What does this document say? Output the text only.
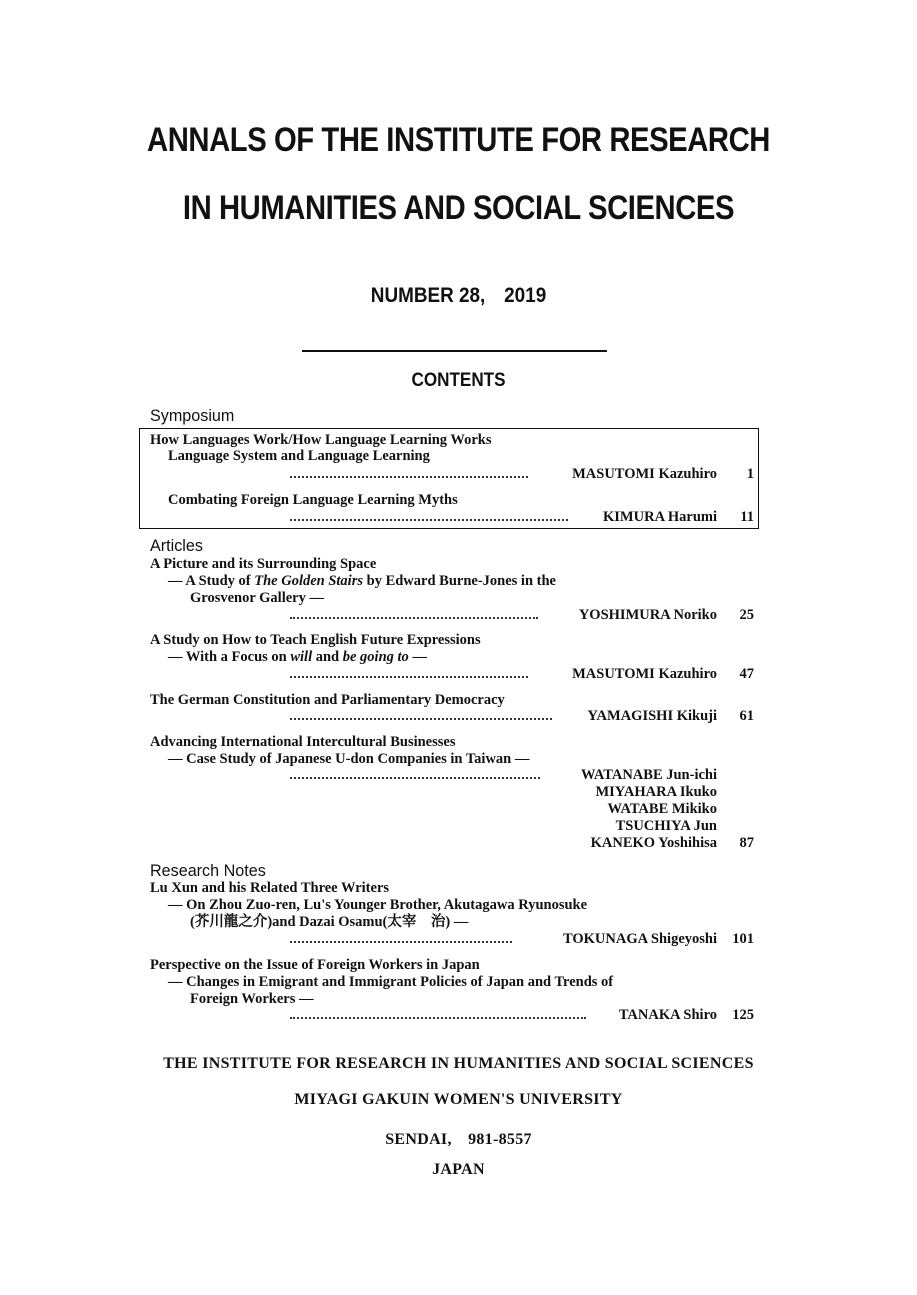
ANNALS OF THE INSTITUTE FOR RESEARCH
IN HUMANITIES AND SOCIAL SCIENCES
NUMBER 28,　2019
CONTENTS
Symposium
How Languages Work/How Language Learning Works
Language System and Language Learning
MASUTOMI Kazuhiro 1
Combating Foreign Language Learning Myths
KIMURA Harumi 11
Articles
A Picture and its Surrounding Space
— A Study of The Golden Stairs by Edward Burne-Jones in the
Grosvenor Gallery —
YOSHIMURA Noriko 25
A Study on How to Teach English Future Expressions
— With a Focus on will and be going to —
MASUTOMI Kazuhiro 47
The German Constitution and Parliamentary Democracy
YAMAGISHI Kikuji 61
Advancing International Intercultural Businesses
— Case Study of Japanese U-don Companies in Taiwan —
WATANABE Jun-ichi
MIYAHARA Ikuko
WATABE Mikiko
TSUCHIYA Jun
KANEKO Yoshihisa 87
Research Notes
Lu Xun and his Related Three Writers
— On Zhou Zuo-ren, Lu's Younger Brother, Akutagawa Ryunosuke
(芥川龍之介)and Dazai Osamu(太宰　治) —
TOKUNAGA Shigeyoshi 101
Perspective on the Issue of Foreign Workers in Japan
— Changes in Emigrant and Immigrant Policies of Japan and Trends of
Foreign Workers —
TANAKA Shiro 125
THE INSTITUTE FOR RESEARCH IN HUMANITIES AND SOCIAL SCIENCES
MIYAGI GAKUIN WOMEN'S UNIVERSITY
SENDAI,　981-8557
JAPAN
